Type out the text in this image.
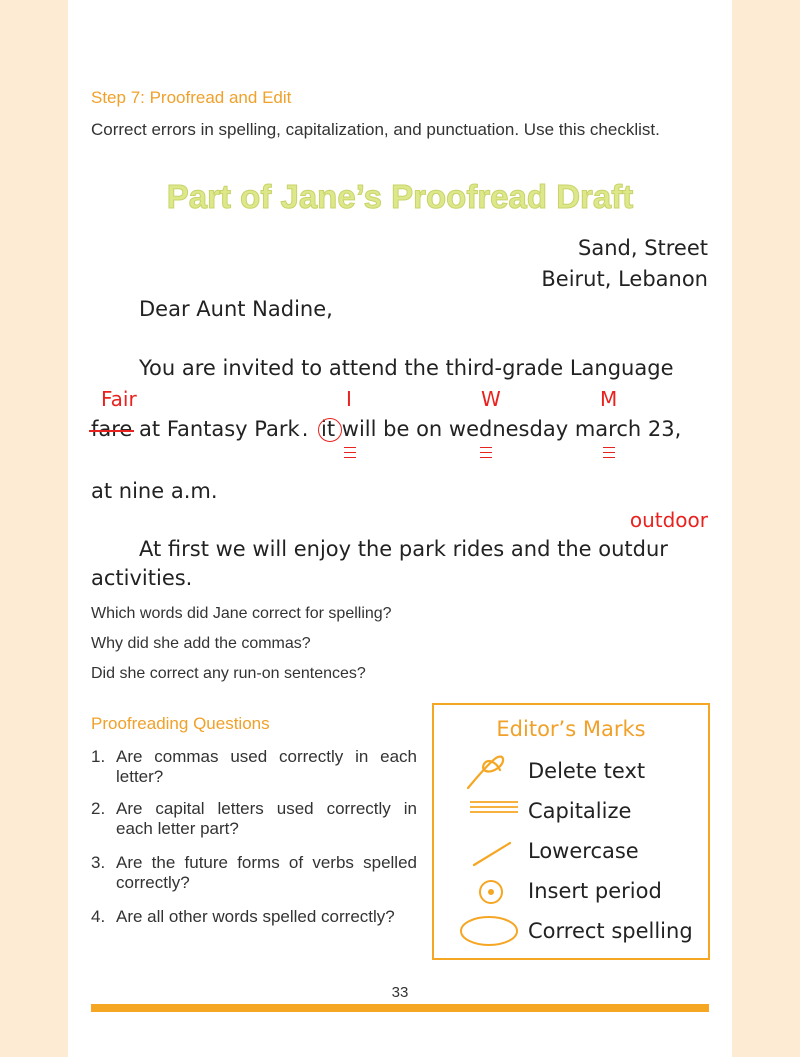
Step 7: Proofread and Edit
Correct errors in spelling, capitalization, and punctuation. Use this checklist.
Part of Jane’s Proofread Draft
Sand, Street
Beirut, Lebanon
Dear Aunt Nadine,
You are invited to attend the third-grade Language
Fair	I	W	M
fare at Fantasy Park. it will be on wednesday march 23,
at nine a.m.
outdoor
At first we will enjoy the park rides and the outdur
activities.
Which words did Jane correct for spelling?
Why did she add the commas?
Did she correct any run-on sentences?
Proofreading Questions
1. Are commas used correctly in each letter?
2. Are capital letters used correctly in each letter part?
3. Are the future forms of verbs spelled correctly?
4. Are all other words spelled correctly?
Editor’s Marks
Delete text
Capitalize
Lowercase
Insert period
Correct spelling
33
